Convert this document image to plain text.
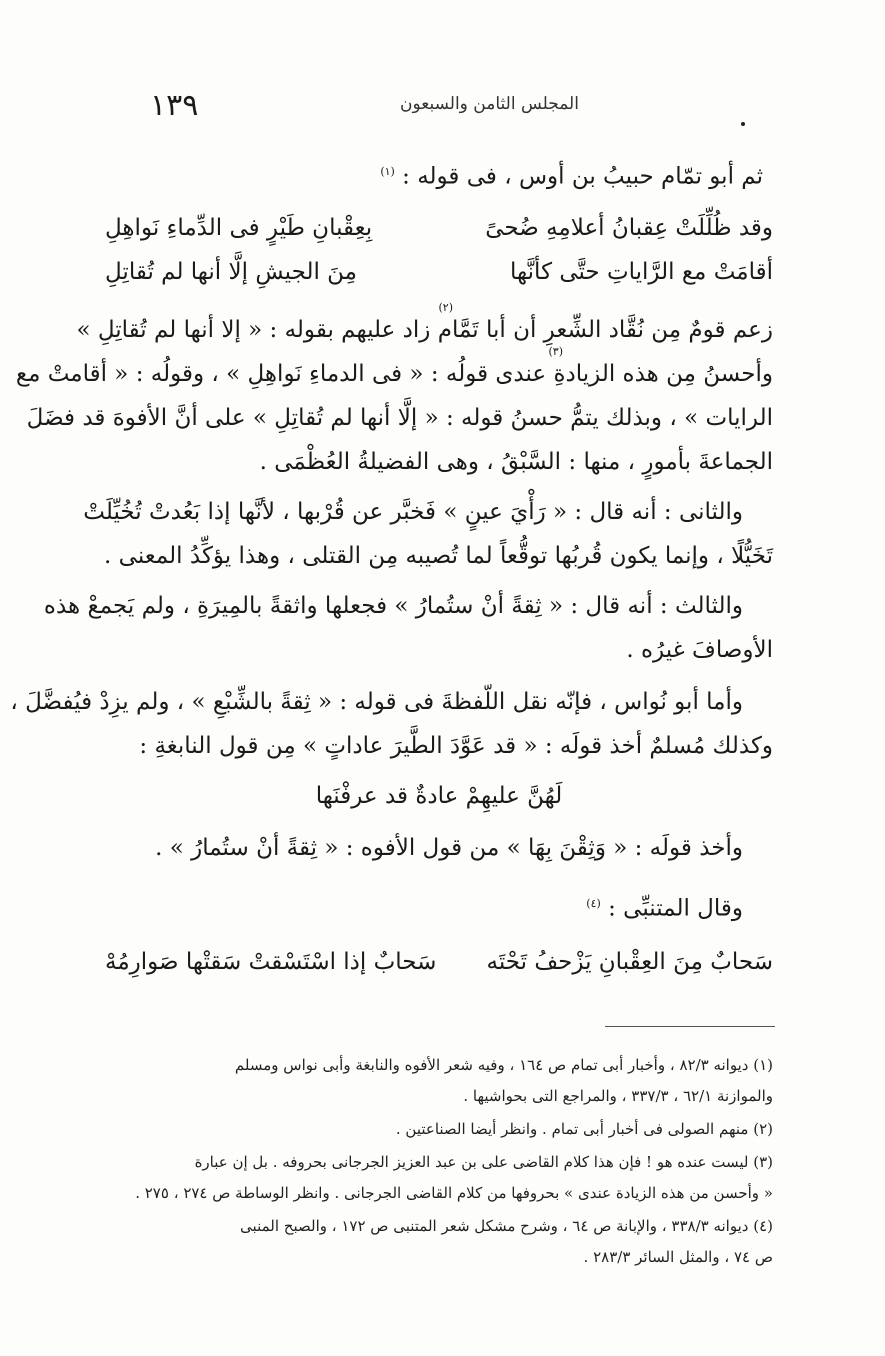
١٣٩	المجلس الثامن والسبعون
ثم أبو تمّام حبيبُ بن أوس ، فى قوله : $^{(١)}$
وقد ظُلِّلَتْ عِقبانُ أعلامِهِ ضُحىً
بِعِقْبانِ طَيْرٍ فى الدِّماءِ نَواهِلِ
أقامَتْ مع الرَّاياتِ حتَّى كأنَّها
مِنَ الجيشِ إلَّا أنها لم تُقاتِلِ
زعم قومٌ مِن نُقَّاد الشِّعرِ أن أبا تَمَّام زاد عليهم بقوله : « إلا أنها لم تُقاتِلِ »
وأحسنُ مِن هذه الزيادةِ عندى قولُه : « فى الدماءِ نَواهِلِ » ، وقولُه : « أقامتْ مع
الرايات » ، وبذلك يتمُّ حسنُ قوله : « إلَّا أنها لم تُقاتِلِ » على أنَّ الأفوهَ قد فضَلَ
الجماعةَ بأمورٍ ، منها : السَّبْقُ ، وهى الفضيلةُ العُظْمَى .
والثانى : أنه قال : « رَأْيَ عينٍ » فَخبَّر عن قُرْبها ، لأنَّها إذا بَعُدتْ تُخُيِّلَتْ
تَخَيُّلًا ، وإنما يكون قُربُها توقُّعاً لما تُصيبه مِن القتلى ، وهذا يؤكِّدُ المعنى .
والثالث : أنه قال : « ثِقةً أنْ ستُمارُ » فجعلها واثقةً بالمِيرَةِ ، ولم يَجمعْ هذه
الأوصافَ غيرُه .
وأما أبو نُواس ، فإنّه نقل اللّفظةَ فى قوله : « ثِقةً بالشِّبْعِ » ، ولم يزِدْ فيُفضَّلَ ،
وكذلك مُسلمٌ أخذ قولَه : « قد عَوَّدَ الطَّيرَ عاداتٍ » مِن قول النابغةِ :
لَهُنَّ عليهِمْ عادةٌ قد عرفْنَها
وأخذ قولَه : « وَثِقْنَ بِهَا » من قول الأفوه : « ثِقةً أنْ ستُمارُ » .
وقال المتنبِّى : $^{(٤)}$
سَحابٌ مِنَ العِقْبانِ يَزْحفُ تَحْتَه
سَحابٌ إذا اسْتَسْقتْ سَقتْها صَوارِمُهْ
(٢)
(٣)
(١) ديوانه ٨٢/٣ ، وأخبار أبى تمام ص ١٦٤ ، وفيه شعر الأفوه والنابغة وأبى نواس ومسلم
والموازنة ٦٢/١ ، ٣٣٧/٣ ، والمراجع التى بحواشيها .
(٢) منهم الصولى فى أخبار أبى تمام . وانظر أيضا الصناعتين .
(٣) ليست عنده هو ! فإن هذا كلام القاضى على بن عبد العزيز الجرجانى بحروفه . بل إن عبارة
« وأحسن من هذه الزيادة عندى » بحروفها من كلام القاضى الجرجانى . وانظر الوساطة ص ٢٧٤ ، ٢٧٥ .
(٤) ديوانه ٣٣٨/٣ ، والإبانة ص ٦٤ ، وشرح مشكل شعر المتنبى ص ١٧٢ ، والصبح المنبى
ص ٧٤ ، والمثل السائر ٢٨٣/٣ .
